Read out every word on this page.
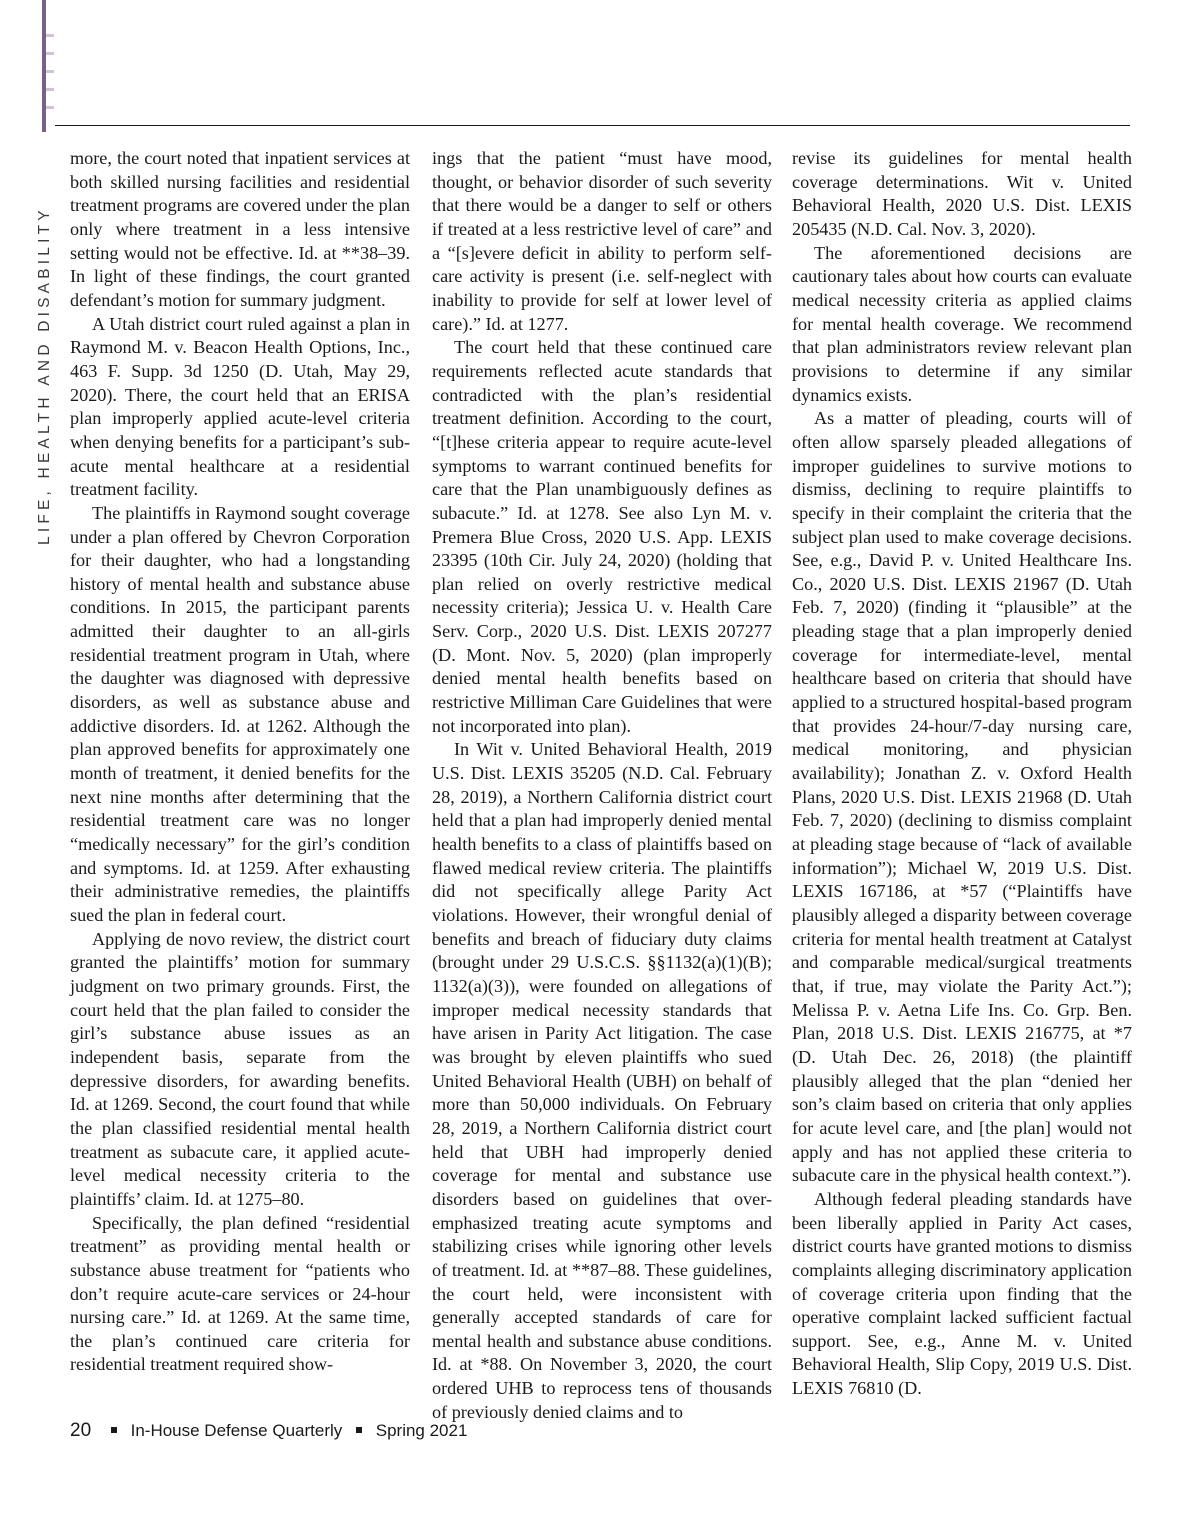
LIFE, HEALTH AND DISABILITY

more, the court noted that inpatient services at both skilled nursing facilities and residential treatment programs are covered under the plan only where treatment in a less intensive setting would not be effective. Id. at **38–39. In light of these findings, the court granted defendant’s motion for summary judgment.

A Utah district court ruled against a plan in Raymond M. v. Beacon Health Options, Inc., 463 F. Supp. 3d 1250 (D. Utah, May 29, 2020). There, the court held that an ERISA plan improperly applied acute-level criteria when denying benefits for a participant’s sub-acute mental healthcare at a residential treatment facility.

The plaintiffs in Raymond sought coverage under a plan offered by Chevron Corporation for their daughter, who had a longstanding history of mental health and substance abuse conditions. In 2015, the participant parents admitted their daughter to an all-girls residential treatment program in Utah, where the daughter was diagnosed with depressive disorders, as well as substance abuse and addictive disorders. Id. at 1262. Although the plan approved benefits for approximately one month of treatment, it denied benefits for the next nine months after determining that the residential treatment care was no longer “medically necessary” for the girl’s condition and symptoms. Id. at 1259. After exhausting their administrative remedies, the plaintiffs sued the plan in federal court.

Applying de novo review, the district court granted the plaintiffs’ motion for summary judgment on two primary grounds. First, the court held that the plan failed to consider the girl’s substance abuse issues as an independent basis, separate from the depressive disorders, for awarding benefits. Id. at 1269. Second, the court found that while the plan classified residential mental health treatment as subacute care, it applied acute-level medical necessity criteria to the plaintiffs’ claim. Id. at 1275–80.

Specifically, the plan defined “residential treatment” as providing mental health or substance abuse treatment for “patients who don’t require acute-care services or 24-hour nursing care.” Id. at 1269. At the same time, the plan’s continued care criteria for residential treatment required show-

ings that the patient “must have mood, thought, or behavior disorder of such severity that there would be a danger to self or others if treated at a less restrictive level of care” and a “[s]evere deficit in ability to perform self-care activity is present (i.e. self-neglect with inability to provide for self at lower level of care).” Id. at 1277.

The court held that these continued care requirements reflected acute standards that contradicted with the plan’s residential treatment definition. According to the court, “[t]hese criteria appear to require acute-level symptoms to warrant continued benefits for care that the Plan unambiguously defines as subacute.” Id. at 1278. See also Lyn M. v. Premera Blue Cross, 2020 U.S. App. LEXIS 23395 (10th Cir. July 24, 2020) (holding that plan relied on overly restrictive medical necessity criteria); Jessica U. v. Health Care Serv. Corp., 2020 U.S. Dist. LEXIS 207277 (D. Mont. Nov. 5, 2020) (plan improperly denied mental health benefits based on restrictive Milliman Care Guidelines that were not incorporated into plan).

In Wit v. United Behavioral Health, 2019 U.S. Dist. LEXIS 35205 (N.D. Cal. February 28, 2019), a Northern California district court held that a plan had improperly denied mental health benefits to a class of plaintiffs based on flawed medical review criteria. The plaintiffs did not specifically allege Parity Act violations. However, their wrongful denial of benefits and breach of fiduciary duty claims (brought under 29 U.S.C.S. §§1132(a)(1)(B); 1132(a)(3)), were founded on allegations of improper medical necessity standards that have arisen in Parity Act litigation. The case was brought by eleven plaintiffs who sued United Behavioral Health (UBH) on behalf of more than 50,000 individuals. On February 28, 2019, a Northern California district court held that UBH had improperly denied coverage for mental and substance use disorders based on guidelines that over-emphasized treating acute symptoms and stabilizing crises while ignoring other levels of treatment. Id. at **87–88. These guidelines, the court held, were inconsistent with generally accepted standards of care for mental health and substance abuse conditions. Id. at *88. On November 3, 2020, the court ordered UHB to reprocess tens of thousands of previously denied claims and to

revise its guidelines for mental health coverage determinations. Wit v. United Behavioral Health, 2020 U.S. Dist. LEXIS 205435 (N.D. Cal. Nov. 3, 2020).

The aforementioned decisions are cautionary tales about how courts can evaluate medical necessity criteria as applied claims for mental health coverage. We recommend that plan administrators review relevant plan provisions to determine if any similar dynamics exists.

As a matter of pleading, courts will of often allow sparsely pleaded allegations of improper guidelines to survive motions to dismiss, declining to require plaintiffs to specify in their complaint the criteria that the subject plan used to make coverage decisions. See, e.g., David P. v. United Healthcare Ins. Co., 2020 U.S. Dist. LEXIS 21967 (D. Utah Feb. 7, 2020) (finding it “plausible” at the pleading stage that a plan improperly denied coverage for intermediate-level, mental healthcare based on criteria that should have applied to a structured hospital-based program that provides 24-hour/7-day nursing care, medical monitoring, and physician availability); Jonathan Z. v. Oxford Health Plans, 2020 U.S. Dist. LEXIS 21968 (D. Utah Feb. 7, 2020) (declining to dismiss complaint at pleading stage because of “lack of available information”); Michael W, 2019 U.S. Dist. LEXIS 167186, at *57 (“Plaintiffs have plausibly alleged a disparity between coverage criteria for mental health treatment at Catalyst and comparable medical/surgical treatments that, if true, may violate the Parity Act.”); Melissa P. v. Aetna Life Ins. Co. Grp. Ben. Plan, 2018 U.S. Dist. LEXIS 216775, at *7 (D. Utah Dec. 26, 2018) (the plaintiff plausibly alleged that the plan “denied her son’s claim based on criteria that only applies for acute level care, and [the plan] would not apply and has not applied these criteria to subacute care in the physical health context.”).

Although federal pleading standards have been liberally applied in Parity Act cases, district courts have granted motions to dismiss complaints alleging discriminatory application of coverage criteria upon finding that the operative complaint lacked sufficient factual support. See, e.g., Anne M. v. United Behavioral Health, Slip Copy, 2019 U.S. Dist. LEXIS 76810 (D.

20 In-House Defense Quarterly Spring 2021
